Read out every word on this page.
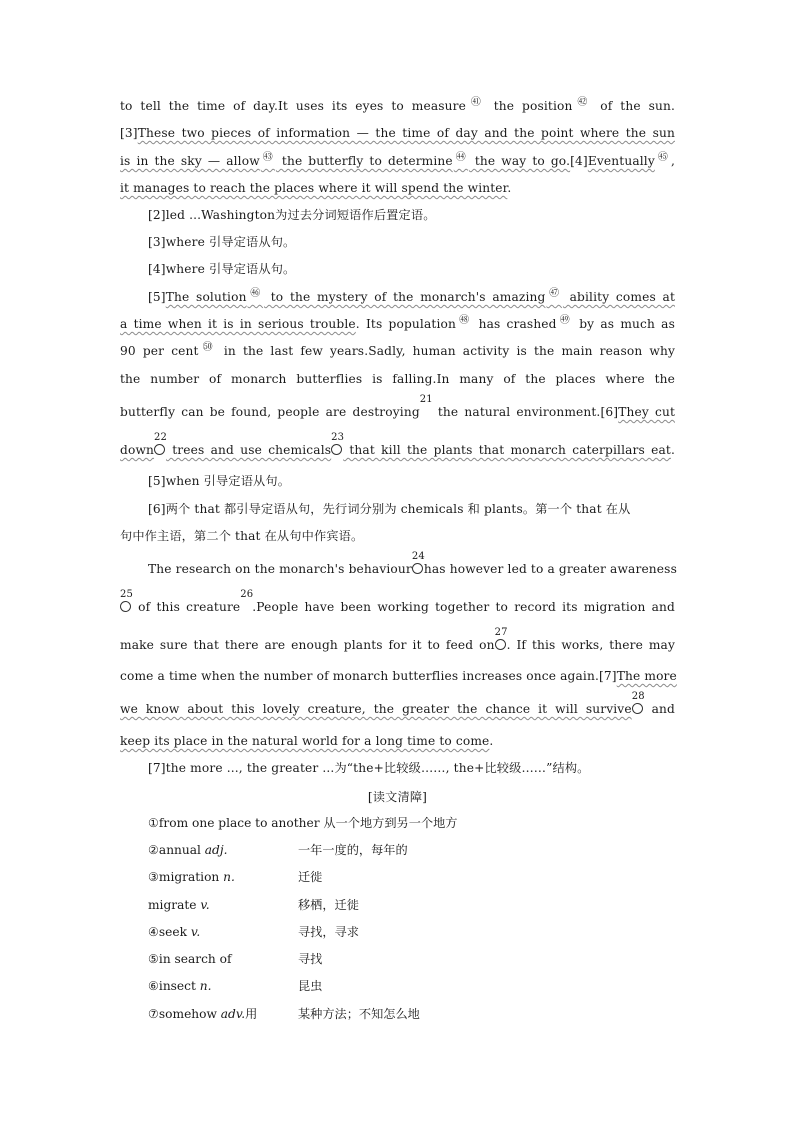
to tell the time of day.It uses its eyes to measure$^㊶$ the position$^㊷$ of the sun.
[3]These two pieces of information — the time of day and the point where the sun
is in the sky — allow$^㊸$ the butterfly to determine$^㊹$ the way to go.[4]Eventually$^㊺$,
it manages to reach the places where it will spend the winter.
[2]led ...Washington为过去分词短语作后置定语。
[3]where 引导定语从句。
[4]where 引导定语从句。
[5]The solution$^㊻$ to the mystery of the monarch's amazing$^㊼$ ability comes at
a time when it is in serious trouble. Its population$^㊽$ has crashed$^㊾$ by as much as
90 per cent$^㊿$ in the last few years.Sadly, human activity is the main reason why
the number of monarch butterflies is falling.In many of the places where the
butterfly can be found, people are destroying
21
the natural environment.[6]They cut
down
22
trees and use chemicals
23
that kill the plants that monarch caterpillars eat.
[5]when 引导定语从句。
[6]两个 that 都引导定语从句，先行词分别为 chemicals 和 plants。第一个 that 在从
句中作主语，第二个 that 在从句中作宾语。
The research on the monarch's behaviour
24
has however led to a greater awareness
25
of this creature
26
.People have been working together to record its migration and
make sure that there are enough plants for it to feed on
27
. If this works, there may
come a time when the number of monarch butterflies increases once again.[7]The more
we know about this lovely creature, the greater the chance it will survive
28
and
keep its place in the natural world for a long time to come.
[7]the more ..., the greater ...为“the+比较级……, the+比较级……”结构。
[读文清障]
①from one place to another 从一个地方到另一个地方
②annual adj.	一年一度的，每年的
③migration n.	迁徙
migrate v.	移栖，迁徙
④seek v.	寻找，寻求
⑤in search of	寻找
⑥insect n.	昆虫
⑦somehow adv.用	某种方法；不知怎么地
